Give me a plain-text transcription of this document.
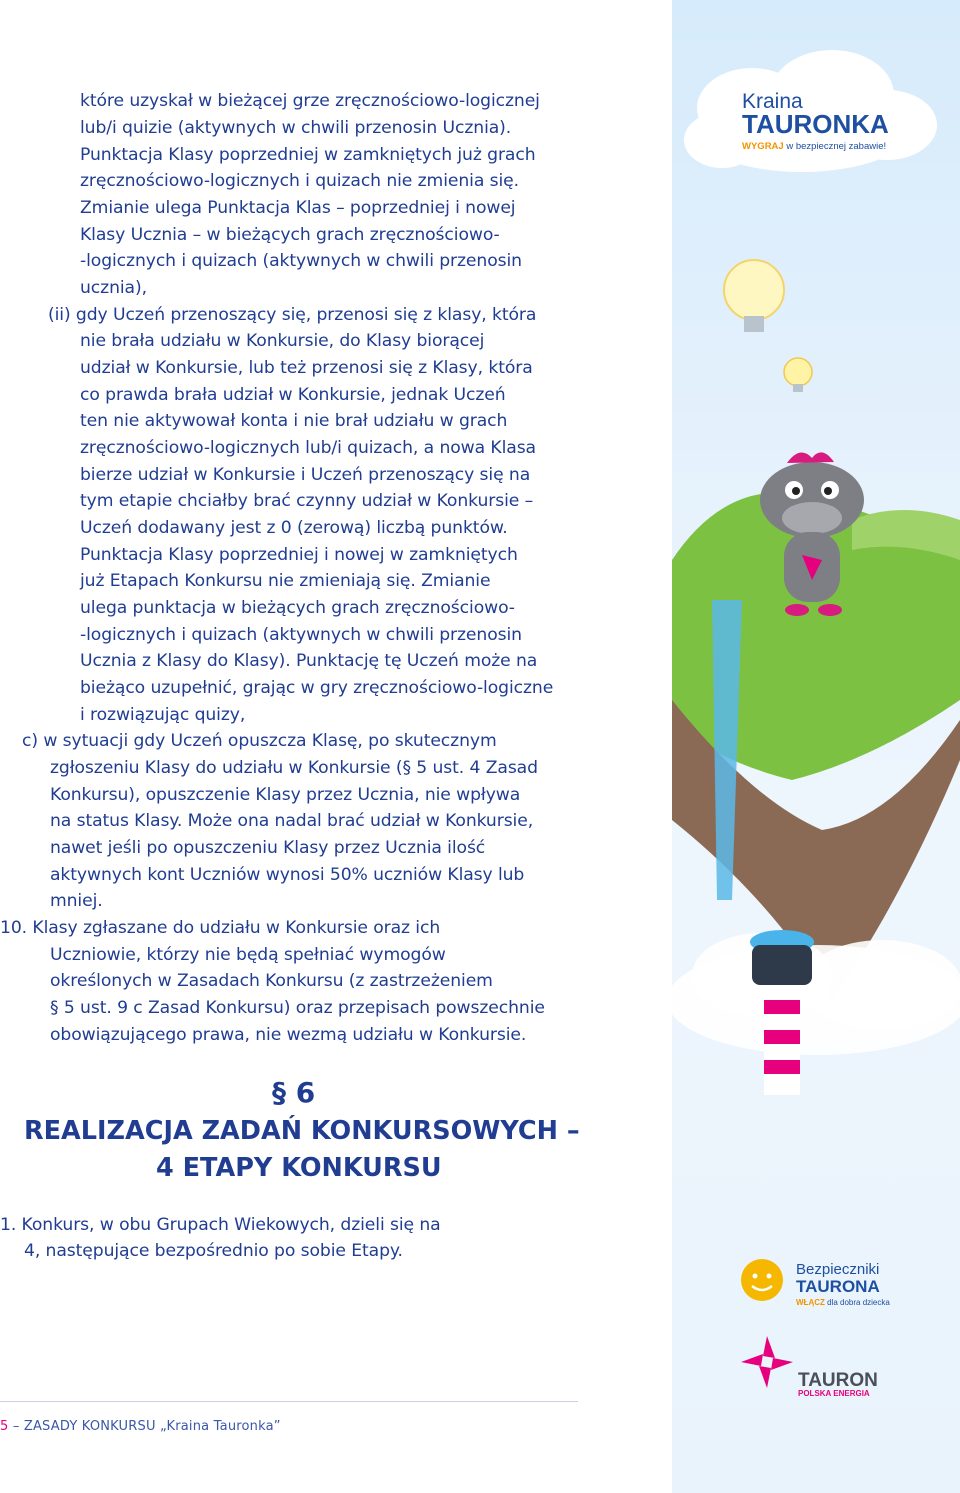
które uzyskał w bieżącej grze zręcznościowo-logicznej
lub/i quizie (aktywnych w chwili przenosin Ucznia).
Punktacja Klasy poprzedniej w zamkniętych już grach
zręcznościowo-logicznych i quizach nie zmienia się.
Zmianie ulega Punktacja Klas – poprzedniej i nowej
Klasy Ucznia – w bieżących grach zręcznościowo-
-logicznych i quizach (aktywnych w chwili przenosin
ucznia),
(ii) gdy Uczeń przenoszący się, przenosi się z klasy, która
nie brała udziału w Konkursie, do Klasy biorącej
udział w Konkursie, lub też przenosi się z Klasy, która
co prawda brała udział w Konkursie, jednak Uczeń
ten nie aktywował konta i nie brał udziału w grach
zręcznościowo-logicznych lub/i quizach, a nowa Klasa
bierze udział w Konkursie i Uczeń przenoszący się na
tym etapie chciałby brać czynny udział w Konkursie –
Uczeń dodawany jest z 0 (zerową) liczbą punktów.
Punktacja Klasy poprzedniej i nowej w zamkniętych
już Etapach Konkursu nie zmieniają się. Zmianie
ulega punktacja w bieżących grach zręcznościowo-
-logicznych i quizach (aktywnych w chwili przenosin
Ucznia z Klasy do Klasy). Punktację tę Uczeń może na
bieżąco uzupełnić, grając w gry zręcznościowo-logiczne
i rozwiązując quizy,
c) w sytuacji gdy Uczeń opuszcza Klasę, po skutecznym
zgłoszeniu Klasy do udziału w Konkursie (§ 5 ust. 4 Zasad
Konkursu), opuszczenie Klasy przez Ucznia, nie wpływa
na status Klasy. Może ona nadal brać udział w Konkursie,
nawet jeśli po opuszczeniu Klasy przez Ucznia ilość
aktywnych kont Uczniów wynosi 50% uczniów Klasy lub
mniej.
10. Klasy zgłaszane do udziału w Konkursie oraz ich
Uczniowie, którzy nie będą spełniać wymogów
określonych w Zasadach Konkursu (z zastrzeżeniem
§ 5 ust. 9 c Zasad Konkursu) oraz przepisach powszechnie
obowiązującego prawa, nie wezmą udziału w Konkursie.
§ 6
REALIZACJA ZADAŃ KONKURSOWYCH –
4 ETAPY KONKURSU
1. Konkurs, w obu Grupach Wiekowych, dzieli się na
4, następujące bezpośrednio po sobie Etapy.
5 – ZASADY KONKURSU „Kraina Tauronka”
Kraina
TAURONKA
WYGRAJ w bezpiecznej zabawie!
Bezpieczniki
TAURONA
WŁĄCZ dla dobra dziecka
TAURON
POLSKA ENERGIA
